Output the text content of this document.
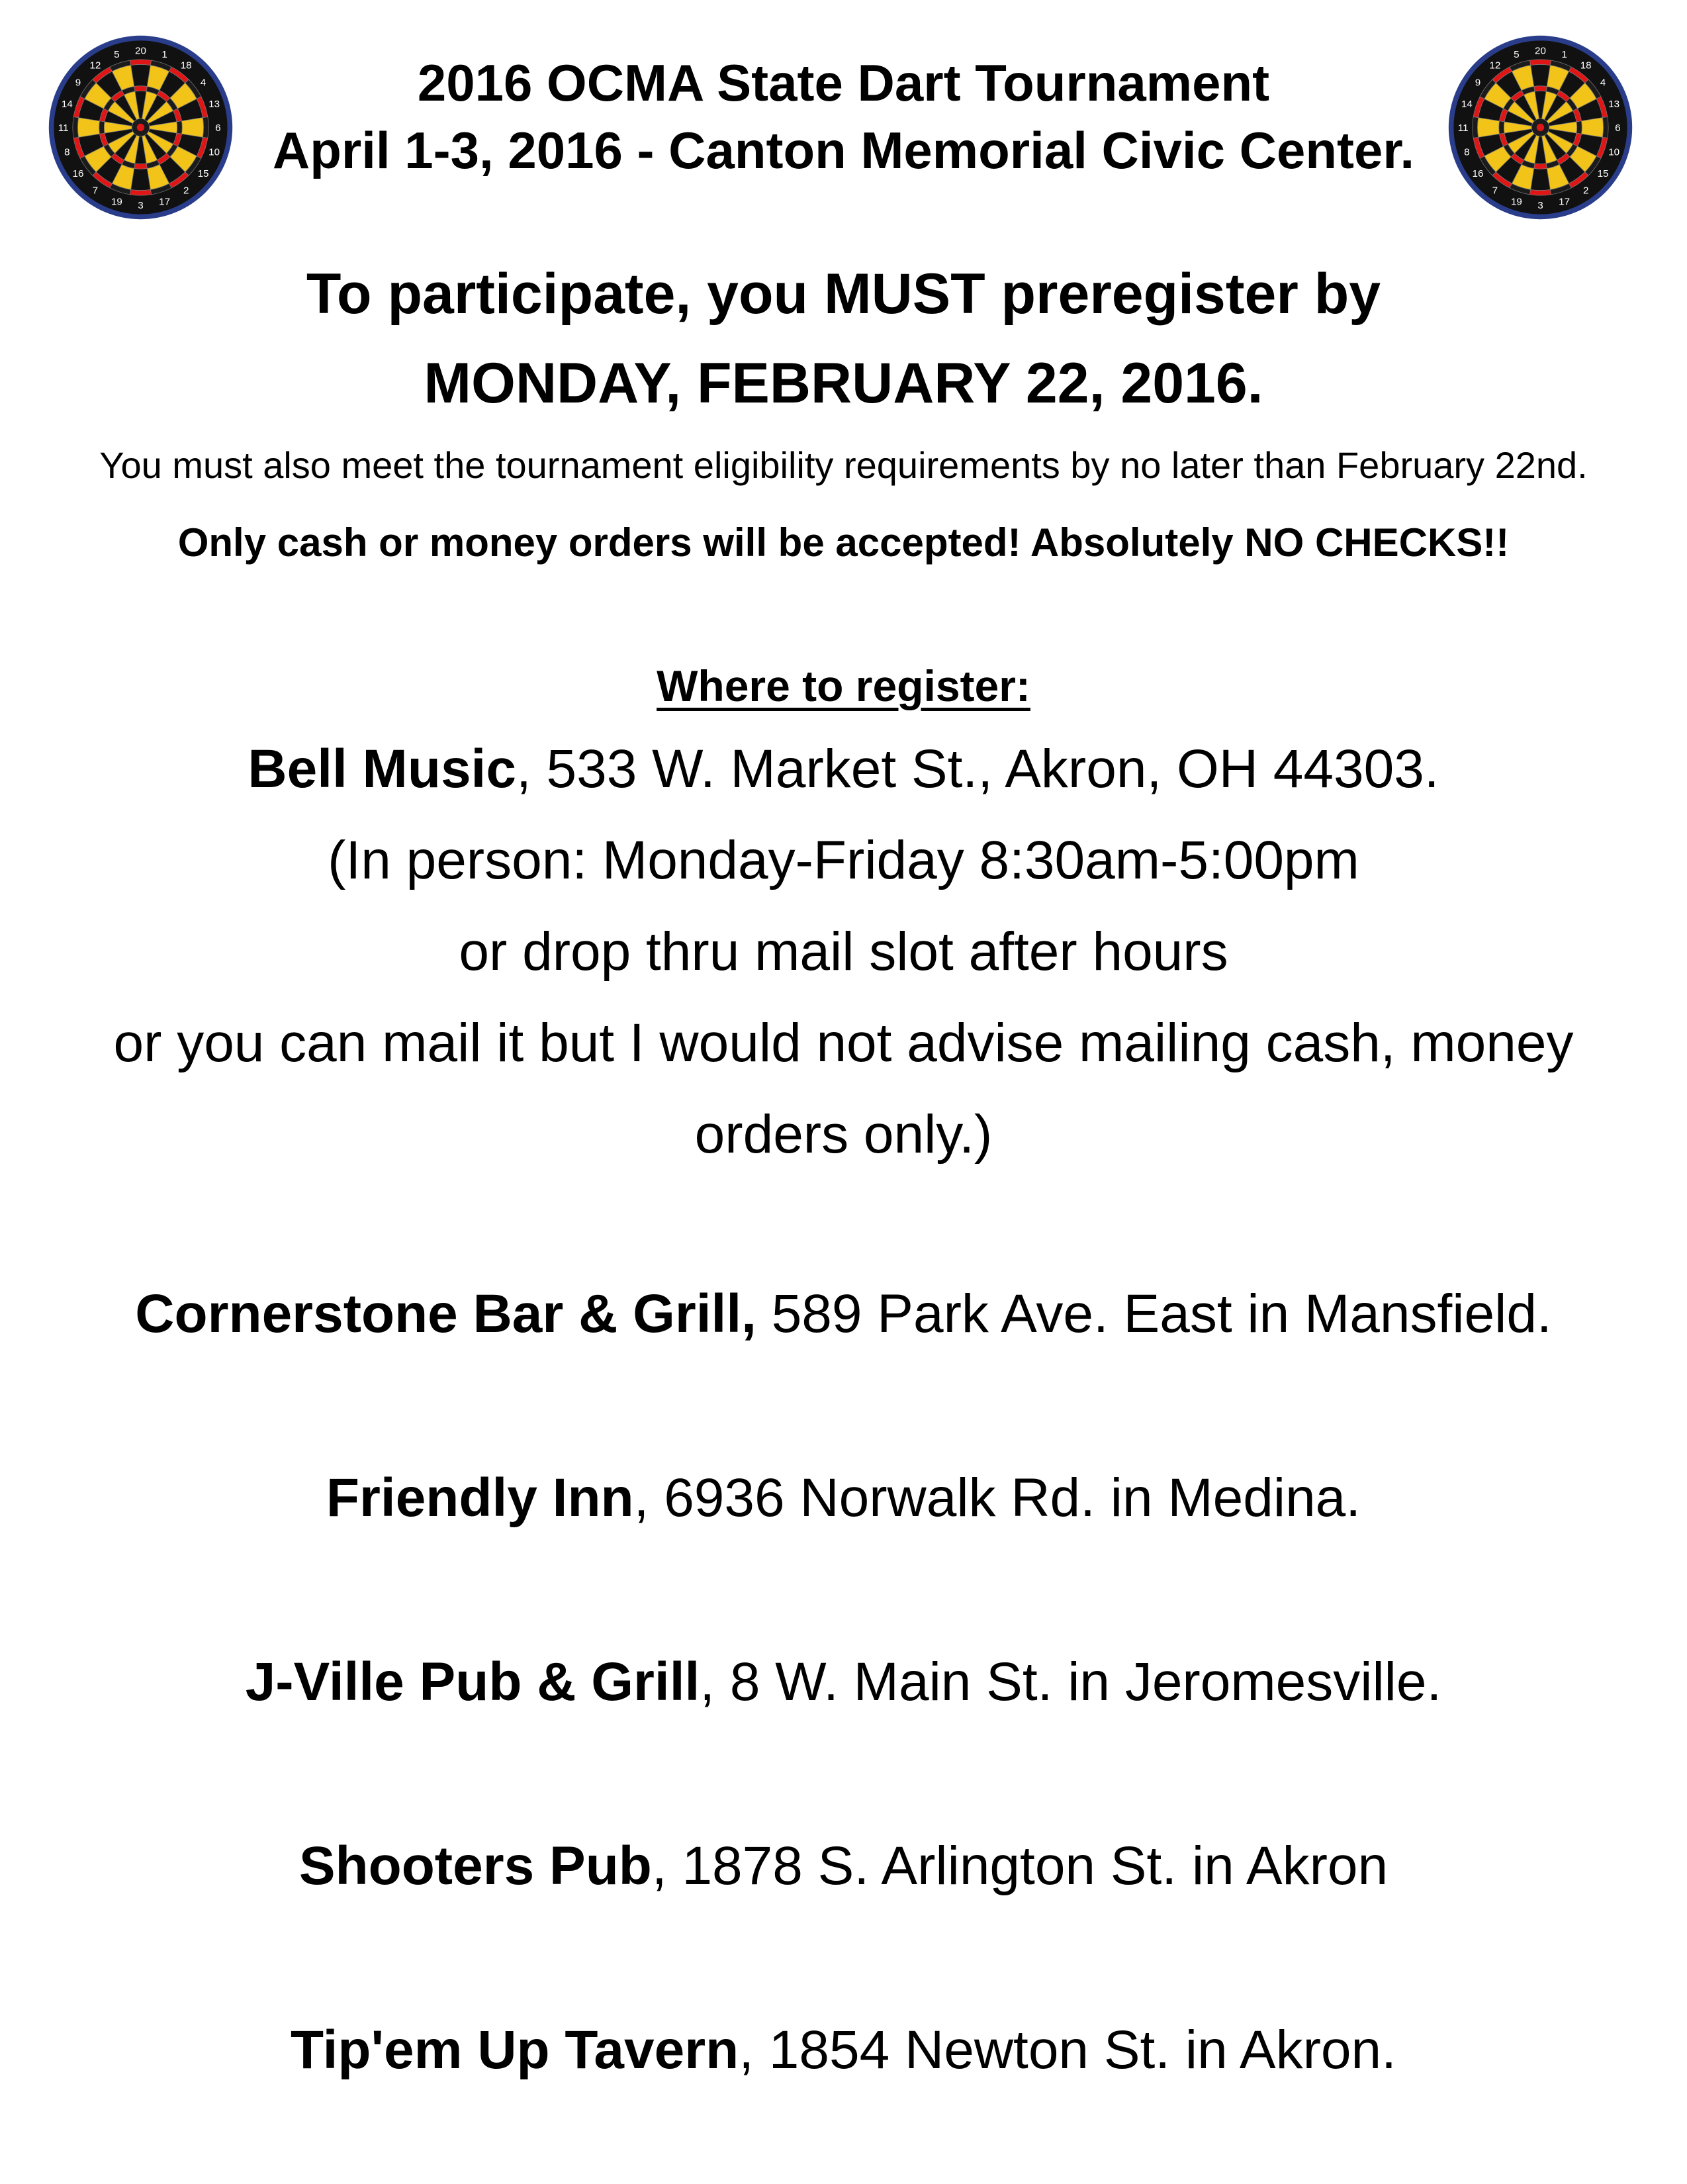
20 1
18
4
13
6
10
15
2
17
3
19
7
16
8
11
14
9
12
5	20 1
18
4
13
6
10
15
2
17
3
19
7
16
8
11
14
9
12
5
2016 OCMA State Dart Tournament
April 1-3, 2016 - Canton Memorial Civic Center.
To participate, you MUST preregister by
MONDAY, FEBRUARY 22, 2016.
You must also meet the tournament eligibility requirements by no later than February 22nd.
Only cash or money orders will be accepted! Absolutely NO CHECKS!!
Where to register:
Bell Music, 533 W. Market St., Akron, OH 44303.
(In person: Monday-Friday 8:30am-5:00pm
or drop thru mail slot after hours
or you can mail it but I would not advise mailing cash, money
orders only.)
Cornerstone Bar & Grill, 589 Park Ave. East in Mansfield.
Friendly Inn, 6936 Norwalk Rd. in Medina.
J-Ville Pub & Grill, 8 W. Main St. in Jeromesville.
Shooters Pub, 1878 S. Arlington St. in Akron
Tip'em Up Tavern, 1854 Newton St. in Akron.
